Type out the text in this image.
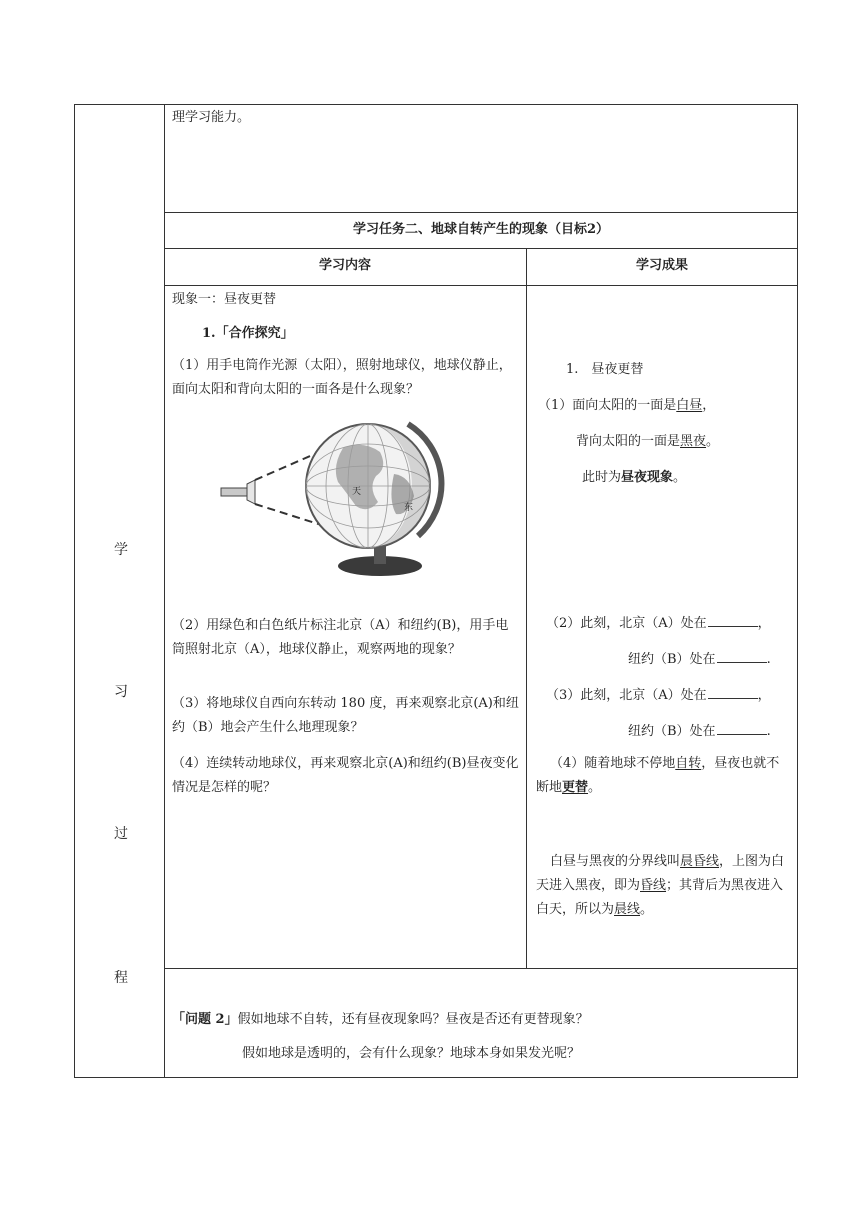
学
习
过
程
理学习能力。
学习任务二、地球自转产生的现象（目标2）
学习内容	学习成果
现象一：昼夜更替
1.「合作探究」
（1）用手电筒作光源（太阳），照射地球仪，地球仪静止，面向太阳和背向太阳的一面各是什么现象？
天
东
（2）用绿色和白色纸片标注北京（A）和纽约(B)，用手电筒照射北京（A），地球仪静止，观察两地的现象？
（3）将地球仪自西向东转动 180 度，再来观察北京(A)和纽约（B）地会产生什么地理现象？
（4）连续转动地球仪，再来观察北京(A)和纽约(B)昼夜变化情况是怎样的呢？
1.　昼夜更替
（1）面向太阳的一面是白昼，
背向太阳的一面是黑夜。
此时为昼夜现象。
（2）此刻，北京（A）处在	，
纽约（B）处在	.
（3）此刻，北京（A）处在	，
纽约（B）处在	.
（4）随着地球不停地自转，昼夜也就不断地更替。
白昼与黑夜的分界线叫晨昏线，上图为白天进入黑夜，即为昏线；其背后为黑夜进入白天，所以为晨线。
「问题 2」假如地球不自转，还有昼夜现象吗？昼夜是否还有更替现象？
假如地球是透明的，会有什么现象？地球本身如果发光呢？
